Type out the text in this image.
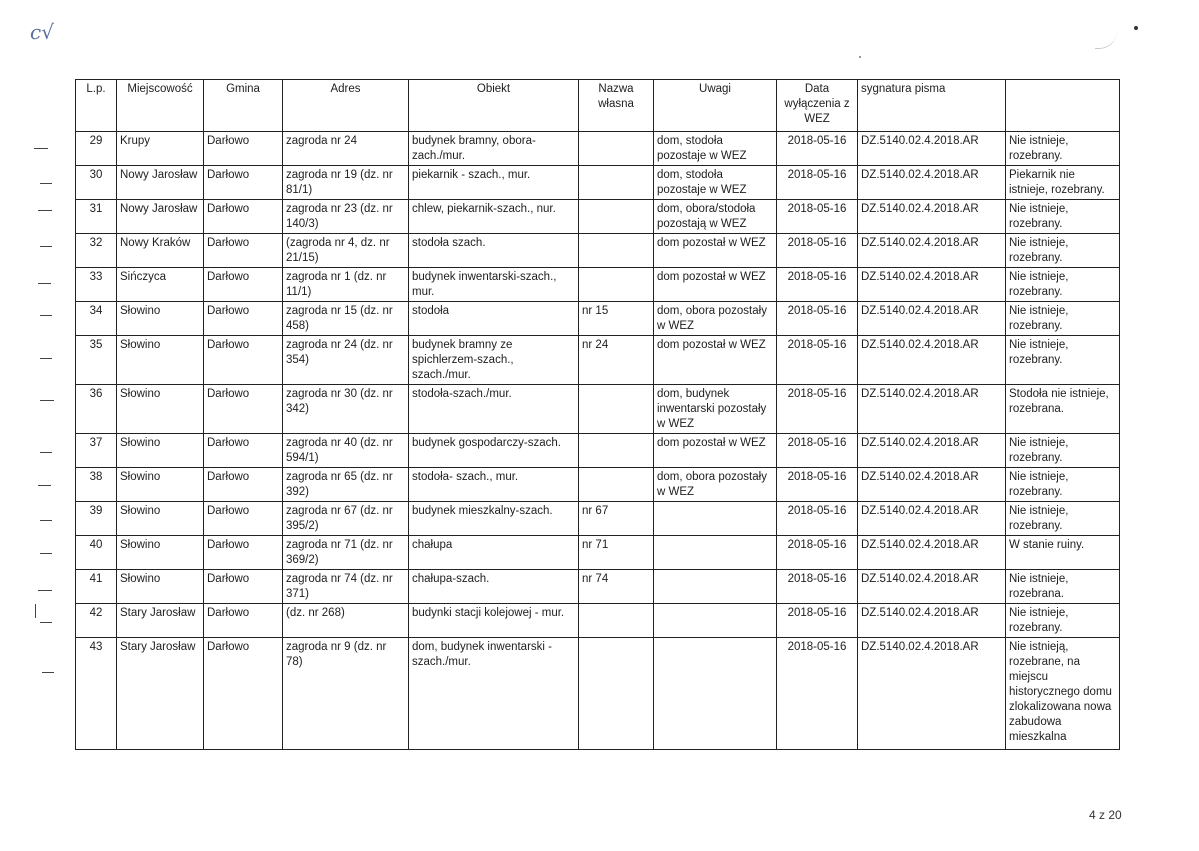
c√
L.p.	Miejscowość	Gmina	Adres	Obiekt	Nazwa własna	Uwagi	Data wyłączenia z WEZ	sygnatura pisma	
29	Krupy	Darłowo	zagroda nr 24	budynek bramny, obora-zach./mur.		dom, stodoła pozostaje w WEZ	2018-05-16	DZ.5140.02.4.2018.AR	Nie istnieje, rozebrany.
30	Nowy Jarosław	Darłowo	zagroda nr 19 (dz. nr 81/1)	piekarnik - szach., mur.		dom, stodoła pozostaje w WEZ	2018-05-16	DZ.5140.02.4.2018.AR	Piekarnik nie istnieje, rozebrany.
31	Nowy Jarosław	Darłowo	zagroda nr 23 (dz. nr 140/3)	chlew, piekarnik-szach., nur.		dom, obora/stodoła pozostają w WEZ	2018-05-16	DZ.5140.02.4.2018.AR	Nie istnieje, rozebrany.
32	Nowy Kraków	Darłowo	(zagroda nr 4, dz. nr 21/15)	stodoła szach.		dom pozostał w WEZ	2018-05-16	DZ.5140.02.4.2018.AR	Nie istnieje, rozebrany.
33	Sińczyca	Darłowo	zagroda nr 1 (dz. nr 11/1)	budynek inwentarski-szach., mur.		dom pozostał w WEZ	2018-05-16	DZ.5140.02.4.2018.AR	Nie istnieje, rozebrany.
34	Słowino	Darłowo	zagroda nr 15 (dz. nr 458)	stodoła	nr 15	dom, obora pozostały w WEZ	2018-05-16	DZ.5140.02.4.2018.AR	Nie istnieje, rozebrany.
35	Słowino	Darłowo	zagroda nr 24 (dz. nr 354)	budynek bramny ze spichlerzem-szach., szach./mur.	nr 24	dom pozostał w WEZ	2018-05-16	DZ.5140.02.4.2018.AR	Nie istnieje, rozebrany.
36	Słowino	Darłowo	zagroda nr 30 (dz. nr 342)	stodoła-szach./mur.		dom, budynek inwentarski pozostały w WEZ	2018-05-16	DZ.5140.02.4.2018.AR	Stodoła nie istnieje, rozebrana.
37	Słowino	Darłowo	zagroda nr 40 (dz. nr 594/1)	budynek gospodarczy-szach.		dom pozostał w WEZ	2018-05-16	DZ.5140.02.4.2018.AR	Nie istnieje, rozebrany.
38	Słowino	Darłowo	zagroda nr 65 (dz. nr 392)	stodoła- szach., mur.		dom, obora pozostały w WEZ	2018-05-16	DZ.5140.02.4.2018.AR	Nie istnieje, rozebrany.
39	Słowino	Darłowo	zagroda nr 67 (dz. nr 395/2)	budynek mieszkalny-szach.	nr 67		2018-05-16	DZ.5140.02.4.2018.AR	Nie istnieje, rozebrany.
40	Słowino	Darłowo	zagroda nr 71 (dz. nr 369/2)	chałupa	nr 71		2018-05-16	DZ.5140.02.4.2018.AR	W stanie ruiny.
41	Słowino	Darłowo	zagroda nr 74 (dz. nr 371)	chałupa-szach.	nr 74		2018-05-16	DZ.5140.02.4.2018.AR	Nie istnieje, rozebrana.
42	Stary Jarosław	Darłowo	(dz. nr 268)	budynki stacji kolejowej - mur.			2018-05-16	DZ.5140.02.4.2018.AR	Nie istnieje, rozebrany.
43	Stary Jarosław	Darłowo	zagroda nr 9 (dz. nr 78)	dom, budynek inwentarski - szach./mur.			2018-05-16	DZ.5140.02.4.2018.AR	Nie istnieją, rozebrane, na miejscu historycznego domu zlokalizowana nowa zabudowa mieszkalna
4 z 20
